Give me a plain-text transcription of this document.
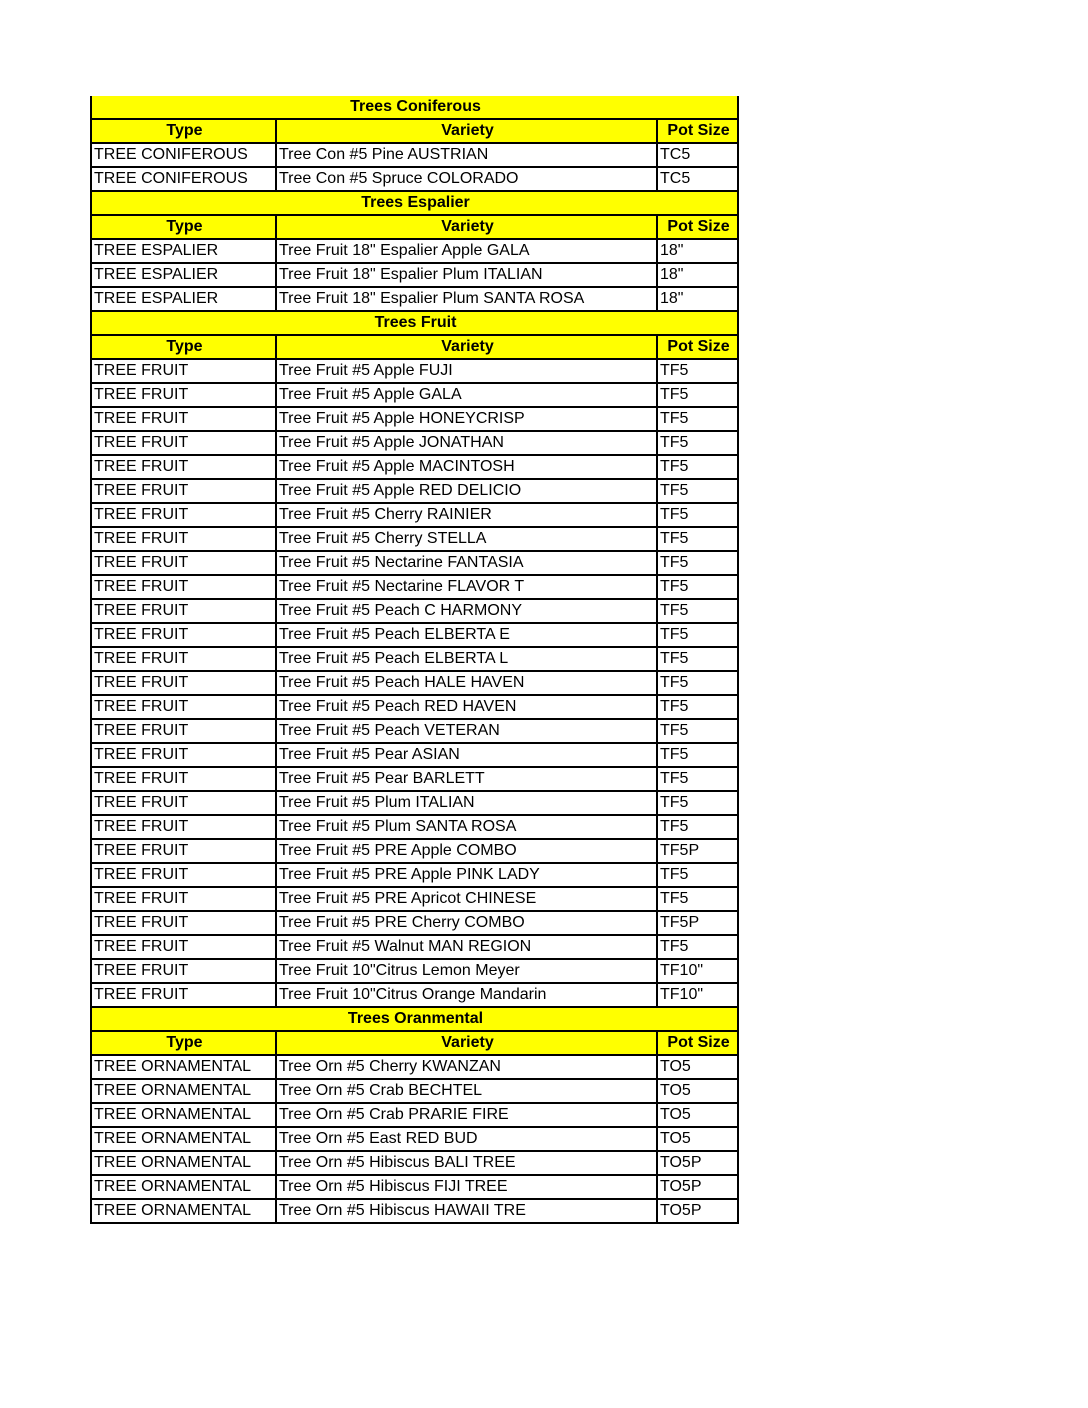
Trees Coniferous		
Type	Variety	Pot Size
TREE CONIFEROUS	Tree Con #5 Pine AUSTRIAN	TC5
TREE CONIFEROUS	Tree Con #5 Spruce COLORADO	TC5
Trees Espalier		
Type	Variety	Pot Size
TREE ESPALIER	Tree Fruit 18" Espalier Apple GALA	18"
TREE ESPALIER	Tree Fruit 18" Espalier Plum ITALIAN	18"
TREE ESPALIER	Tree Fruit 18" Espalier Plum SANTA ROSA	18"
Trees Fruit		
Type	Variety	Pot Size
TREE FRUIT	Tree Fruit #5 Apple FUJI	TF5
TREE FRUIT	Tree Fruit #5 Apple GALA	TF5
TREE FRUIT	Tree Fruit #5 Apple HONEYCRISP	TF5
TREE FRUIT	Tree Fruit #5 Apple JONATHAN	TF5
TREE FRUIT	Tree Fruit #5 Apple MACINTOSH	TF5
TREE FRUIT	Tree Fruit #5 Apple RED DELICIO	TF5
TREE FRUIT	Tree Fruit #5 Cherry RAINIER	TF5
TREE FRUIT	Tree Fruit #5 Cherry STELLA	TF5
TREE FRUIT	Tree Fruit #5 Nectarine FANTASIA	TF5
TREE FRUIT	Tree Fruit #5 Nectarine FLAVOR T	TF5
TREE FRUIT	Tree Fruit #5 Peach C HARMONY	TF5
TREE FRUIT	Tree Fruit #5 Peach ELBERTA E	TF5
TREE FRUIT	Tree Fruit #5 Peach ELBERTA L	TF5
TREE FRUIT	Tree Fruit #5 Peach HALE HAVEN	TF5
TREE FRUIT	Tree Fruit #5 Peach RED HAVEN	TF5
TREE FRUIT	Tree Fruit #5 Peach VETERAN	TF5
TREE FRUIT	Tree Fruit #5 Pear ASIAN	TF5
TREE FRUIT	Tree Fruit #5 Pear BARLETT	TF5
TREE FRUIT	Tree Fruit #5 Plum ITALIAN	TF5
TREE FRUIT	Tree Fruit #5 Plum SANTA ROSA	TF5
TREE FRUIT	Tree Fruit #5 PRE Apple COMBO	TF5P
TREE FRUIT	Tree Fruit #5 PRE Apple PINK LADY	TF5
TREE FRUIT	Tree Fruit #5 PRE Apricot CHINESE	TF5
TREE FRUIT	Tree Fruit #5 PRE Cherry COMBO	TF5P
TREE FRUIT	Tree Fruit #5 Walnut MAN REGION	TF5
TREE FRUIT	Tree Fruit 10"Citrus Lemon Meyer	TF10"
TREE FRUIT	Tree Fruit 10"Citrus Orange Mandarin	TF10"
Trees Oranmental		
Type	Variety	Pot Size
TREE ORNAMENTAL	Tree Orn #5 Cherry KWANZAN	TO5
TREE ORNAMENTAL	Tree Orn #5 Crab BECHTEL	TO5
TREE ORNAMENTAL	Tree Orn #5 Crab PRARIE FIRE	TO5
TREE ORNAMENTAL	Tree Orn #5 East RED BUD	TO5
TREE ORNAMENTAL	Tree Orn #5 Hibiscus BALI TREE	TO5P
TREE ORNAMENTAL	Tree Orn #5 Hibiscus FIJI TREE	TO5P
TREE ORNAMENTAL	Tree Orn #5 Hibiscus HAWAII TRE	TO5P
